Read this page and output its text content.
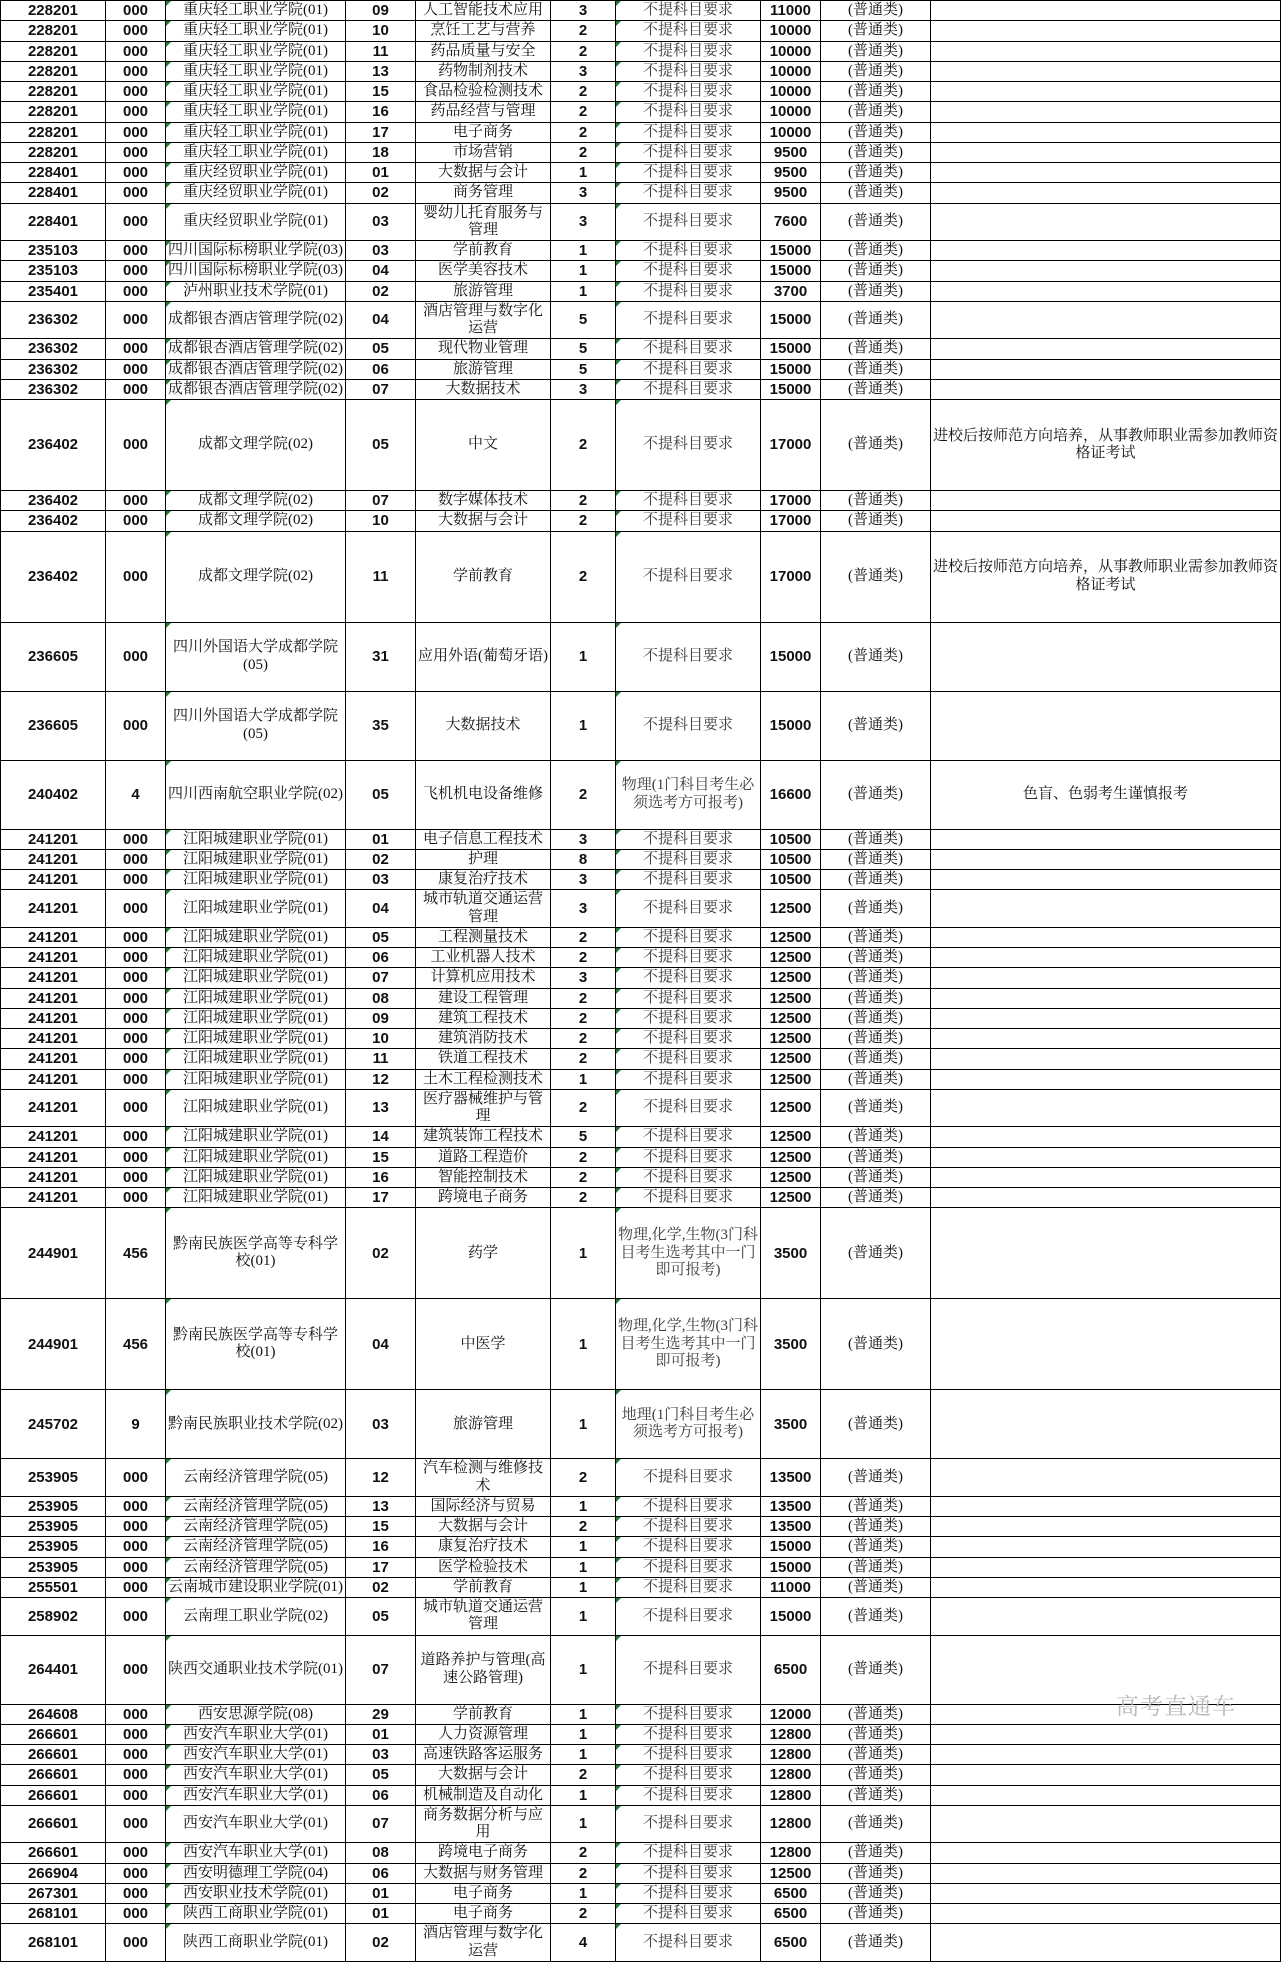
228201	000	重庆轻工职业学院(01)	09	人工智能技术应用	3	不提科目要求	11000	(普通类)	
228201	000	重庆轻工职业学院(01)	10	烹饪工艺与营养	2	不提科目要求	10000	(普通类)	
228201	000	重庆轻工职业学院(01)	11	药品质量与安全	2	不提科目要求	10000	(普通类)	
228201	000	重庆轻工职业学院(01)	13	药物制剂技术	3	不提科目要求	10000	(普通类)	
228201	000	重庆轻工职业学院(01)	15	食品检验检测技术	2	不提科目要求	10000	(普通类)	
228201	000	重庆轻工职业学院(01)	16	药品经营与管理	2	不提科目要求	10000	(普通类)	
228201	000	重庆轻工职业学院(01)	17	电子商务	2	不提科目要求	10000	(普通类)	
228201	000	重庆轻工职业学院(01)	18	市场营销	2	不提科目要求	9500	(普通类)	
228401	000	重庆经贸职业学院(01)	01	大数据与会计	1	不提科目要求	9500	(普通类)	
228401	000	重庆经贸职业学院(01)	02	商务管理	3	不提科目要求	9500	(普通类)	
228401	000	重庆经贸职业学院(01)	03	婴幼儿托育服务与管理	3	不提科目要求	7600	(普通类)	
235103	000	四川国际标榜职业学院(03)	03	学前教育	1	不提科目要求	15000	(普通类)	
235103	000	四川国际标榜职业学院(03)	04	医学美容技术	1	不提科目要求	15000	(普通类)	
235401	000	泸州职业技术学院(01)	02	旅游管理	1	不提科目要求	3700	(普通类)	
236302	000	成都银杏酒店管理学院(02)	04	酒店管理与数字化运营	5	不提科目要求	15000	(普通类)	
236302	000	成都银杏酒店管理学院(02)	05	现代物业管理	5	不提科目要求	15000	(普通类)	
236302	000	成都银杏酒店管理学院(02)	06	旅游管理	5	不提科目要求	15000	(普通类)	
236302	000	成都银杏酒店管理学院(02)	07	大数据技术	3	不提科目要求	15000	(普通类)	
236402	000	成都文理学院(02)	05	中文	2	不提科目要求	17000	(普通类)	进校后按师范方向培养，从事教师职业需参加教师资格证考试
236402	000	成都文理学院(02)	07	数字媒体技术	2	不提科目要求	17000	(普通类)	
236402	000	成都文理学院(02)	10	大数据与会计	2	不提科目要求	17000	(普通类)	
236402	000	成都文理学院(02)	11	学前教育	2	不提科目要求	17000	(普通类)	进校后按师范方向培养，从事教师职业需参加教师资格证考试
236605	000	四川外国语大学成都学院(05)	31	应用外语(葡萄牙语)	1	不提科目要求	15000	(普通类)	
236605	000	四川外国语大学成都学院(05)	35	大数据技术	1	不提科目要求	15000	(普通类)	
240402	4	四川西南航空职业学院(02)	05	飞机机电设备维修	2	物理(1门科目考生必须选考方可报考)	16600	(普通类)	色盲、色弱考生谨慎报考
241201	000	江阳城建职业学院(01)	01	电子信息工程技术	3	不提科目要求	10500	(普通类)	
241201	000	江阳城建职业学院(01)	02	护理	8	不提科目要求	10500	(普通类)	
241201	000	江阳城建职业学院(01)	03	康复治疗技术	3	不提科目要求	10500	(普通类)	
241201	000	江阳城建职业学院(01)	04	城市轨道交通运营管理	3	不提科目要求	12500	(普通类)	
241201	000	江阳城建职业学院(01)	05	工程测量技术	2	不提科目要求	12500	(普通类)	
241201	000	江阳城建职业学院(01)	06	工业机器人技术	2	不提科目要求	12500	(普通类)	
241201	000	江阳城建职业学院(01)	07	计算机应用技术	3	不提科目要求	12500	(普通类)	
241201	000	江阳城建职业学院(01)	08	建设工程管理	2	不提科目要求	12500	(普通类)	
241201	000	江阳城建职业学院(01)	09	建筑工程技术	2	不提科目要求	12500	(普通类)	
241201	000	江阳城建职业学院(01)	10	建筑消防技术	2	不提科目要求	12500	(普通类)	
241201	000	江阳城建职业学院(01)	11	铁道工程技术	2	不提科目要求	12500	(普通类)	
241201	000	江阳城建职业学院(01)	12	土木工程检测技术	1	不提科目要求	12500	(普通类)	
241201	000	江阳城建职业学院(01)	13	医疗器械维护与管理	2	不提科目要求	12500	(普通类)	
241201	000	江阳城建职业学院(01)	14	建筑装饰工程技术	5	不提科目要求	12500	(普通类)	
241201	000	江阳城建职业学院(01)	15	道路工程造价	2	不提科目要求	12500	(普通类)	
241201	000	江阳城建职业学院(01)	16	智能控制技术	2	不提科目要求	12500	(普通类)	
241201	000	江阳城建职业学院(01)	17	跨境电子商务	2	不提科目要求	12500	(普通类)	
244901	456	黔南民族医学高等专科学校(01)	02	药学	1	物理,化学,生物(3门科目考生选考其中一门即可报考)	3500	(普通类)	
244901	456	黔南民族医学高等专科学校(01)	04	中医学	1	物理,化学,生物(3门科目考生选考其中一门即可报考)	3500	(普通类)	
245702	9	黔南民族职业技术学院(02)	03	旅游管理	1	地理(1门科目考生必须选考方可报考)	3500	(普通类)	
253905	000	云南经济管理学院(05)	12	汽车检测与维修技术	2	不提科目要求	13500	(普通类)	
253905	000	云南经济管理学院(05)	13	国际经济与贸易	1	不提科目要求	13500	(普通类)	
253905	000	云南经济管理学院(05)	15	大数据与会计	2	不提科目要求	13500	(普通类)	
253905	000	云南经济管理学院(05)	16	康复治疗技术	1	不提科目要求	15000	(普通类)	
253905	000	云南经济管理学院(05)	17	医学检验技术	1	不提科目要求	15000	(普通类)	
255501	000	云南城市建设职业学院(01)	02	学前教育	1	不提科目要求	11000	(普通类)	
258902	000	云南理工职业学院(02)	05	城市轨道交通运营管理	1	不提科目要求	15000	(普通类)	
264401	000	陕西交通职业技术学院(01)	07	道路养护与管理(高速公路管理)	1	不提科目要求	6500	(普通类)	
264608	000	西安思源学院(08)	29	学前教育	1	不提科目要求	12000	(普通类)	
266601	000	西安汽车职业大学(01)	01	人力资源管理	1	不提科目要求	12800	(普通类)	
266601	000	西安汽车职业大学(01)	03	高速铁路客运服务	1	不提科目要求	12800	(普通类)	
266601	000	西安汽车职业大学(01)	05	大数据与会计	2	不提科目要求	12800	(普通类)	
266601	000	西安汽车职业大学(01)	06	机械制造及自动化	1	不提科目要求	12800	(普通类)	
266601	000	西安汽车职业大学(01)	07	商务数据分析与应用	1	不提科目要求	12800	(普通类)	
266601	000	西安汽车职业大学(01)	08	跨境电子商务	2	不提科目要求	12800	(普通类)	
266904	000	西安明德理工学院(04)	06	大数据与财务管理	2	不提科目要求	12500	(普通类)	
267301	000	西安职业技术学院(01)	01	电子商务	1	不提科目要求	6500	(普通类)	
268101	000	陕西工商职业学院(01)	01	电子商务	2	不提科目要求	6500	(普通类)	
268101	000	陕西工商职业学院(01)	02	酒店管理与数字化运营	4	不提科目要求	6500	(普通类)	
高考直通车
